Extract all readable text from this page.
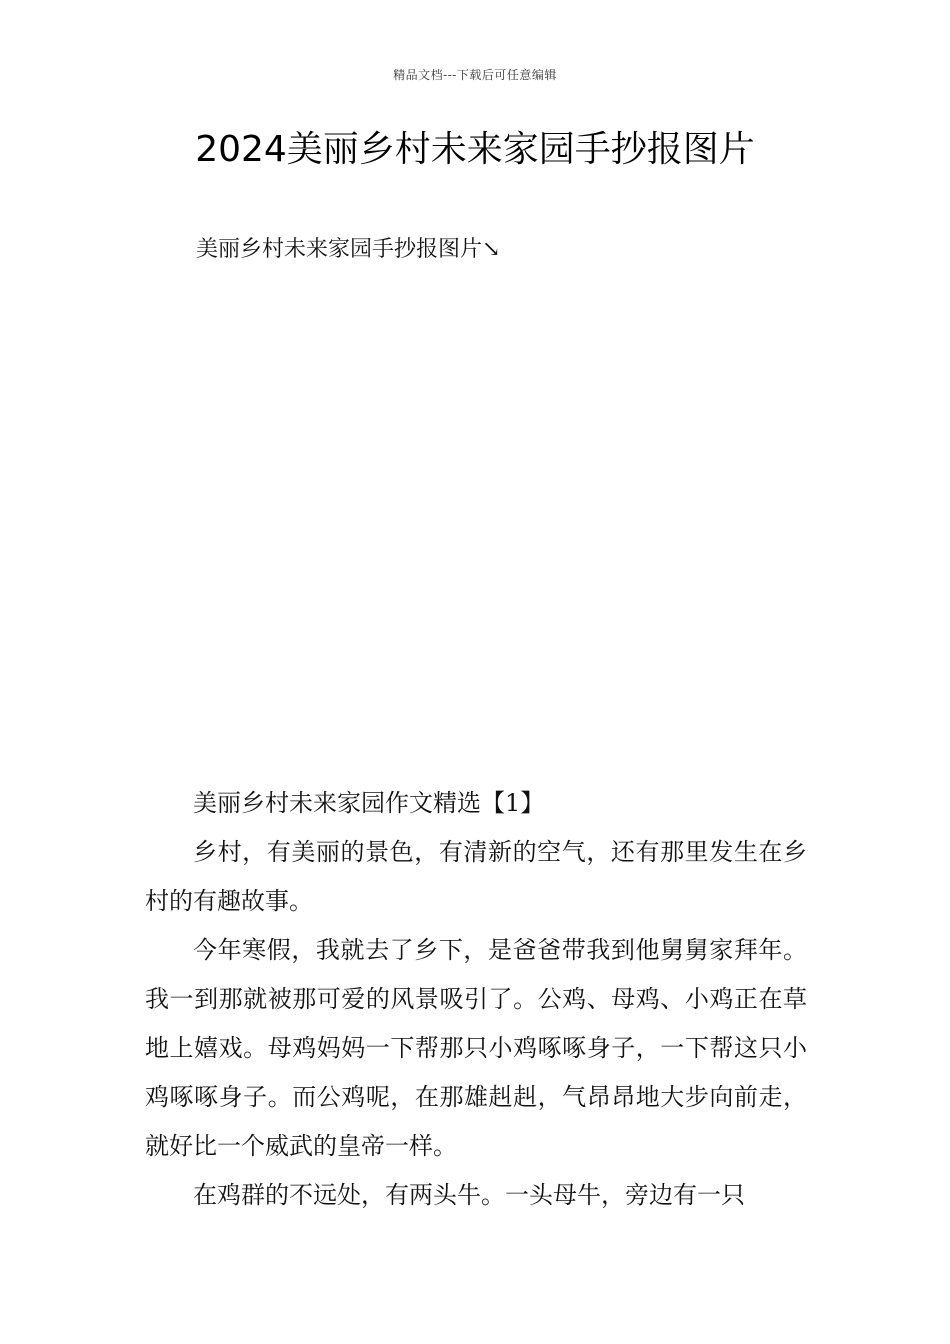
精品文档---下载后可任意编辑
2024美丽乡村未来家园手抄报图片

美丽乡村未来家园手抄报图片↘

美丽乡村未来家园作文精选【1】

乡村，有美丽的景色，有清新的空气，还有那里发生在乡村的有趣故事。

今年寒假，我就去了乡下，是爸爸带我到他舅舅家拜年。我一到那就被那可爱的风景吸引了。公鸡、母鸡、小鸡正在草地上嬉戏。母鸡妈妈一下帮那只小鸡啄啄身子，一下帮这只小鸡啄啄身子。而公鸡呢，在那雄赳赳，气昂昂地大步向前走，就好比一个威武的皇帝一样。

在鸡群的不远处，有两头牛。一头母牛，旁边有一只
